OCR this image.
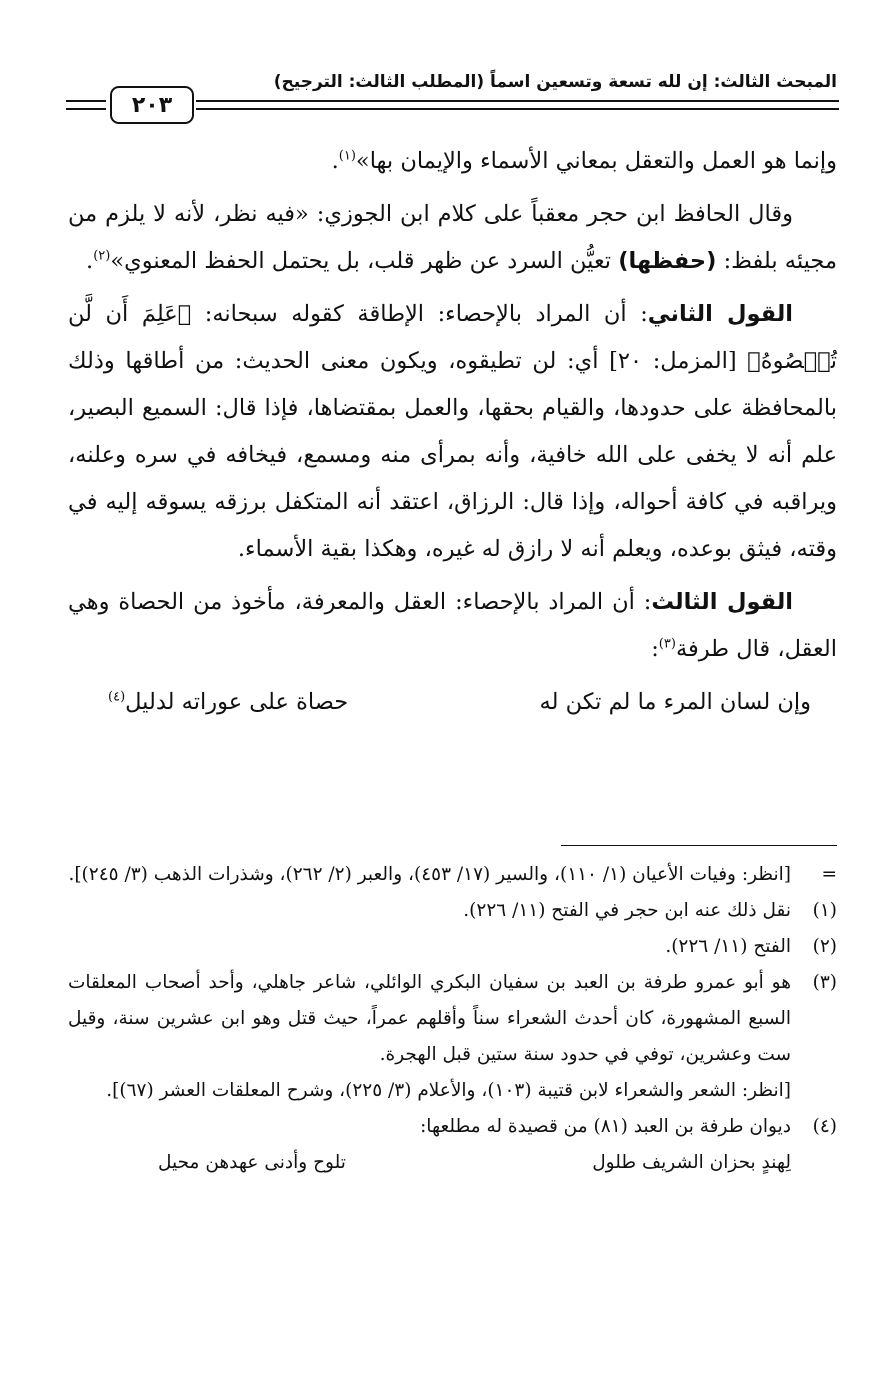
المبحث الثالث: إن لله تسعة وتسعين اسماً (المطلب الثالث: الترجيح)
٢٠٣

وإنما هو العمل والتعقل بمعاني الأسماء والإيمان بها»$^{(١)}$.

وقال الحافظ ابن حجر معقباً على كلام ابن الجوزي: «فيه نظر، لأنه لا يلزم من مجيئه بلفظ: (حفظها) تعيُّن السرد عن ظهر قلب، بل يحتمل الحفظ المعنوي»$^{(٢)}$.

القول الثاني: أن المراد بالإحصاء: الإطاقة كقوله سبحانه: ﴿عَلِمَ أَن لَّن تُحۡصُوهُ﴾ [المزمل: ٢٠] أي: لن تطيقوه، ويكون معنى الحديث: من أطاقها وذلك بالمحافظة على حدودها، والقيام بحقها، والعمل بمقتضاها، فإذا قال: السميع البصير، علم أنه لا يخفى على الله خافية، وأنه بمرأى منه ومسمع، فيخافه في سره وعلنه، ويراقبه في كافة أحواله، وإذا قال: الرزاق، اعتقد أنه المتكفل برزقه يسوقه إليه في وقته، فيثق بوعده، ويعلم أنه لا رازق له غيره، وهكذا بقية الأسماء.

القول الثالث: أن المراد بالإحصاء: العقل والمعرفة، مأخوذ من الحصاة وهي العقل، قال طرفة$^{(٣)}$:

وإن لسان المرء ما لم تكن له
حصاة على عوراته لدليل$^{(٤)}$
=
[انظر: وفيات الأعيان (١/ ١١٠)، والسير (١٧/ ٤٥٣)، والعبر (٢/ ٢٦٢)، وشذرات الذهب (٣/ ٢٤٥)].
(١)
نقل ذلك عنه ابن حجر في الفتح (١١/ ٢٢٦).
(٢)
الفتح (١١/ ٢٢٦).
(٣)
هو أبو عمرو طرفة بن العبد بن سفيان البكري الوائلي، شاعر جاهلي، وأحد أصحاب المعلقات السبع المشهورة، كان أحدث الشعراء سناً وأقلهم عمراً، حيث قتل وهو ابن عشرين سنة، وقيل ست وعشرين، توفي في حدود سنة ستين قبل الهجرة.
[انظر: الشعر والشعراء لابن قتيبة (١٠٣)، والأعلام (٣/ ٢٢٥)، وشرح المعلقات العشر (٦٧)].
(٤)
ديوان طرفة بن العبد (٨١) من قصيدة له مطلعها:
لِهندٍ بحزان الشريف طلول
تلوح وأدنى عهدهن محيل
